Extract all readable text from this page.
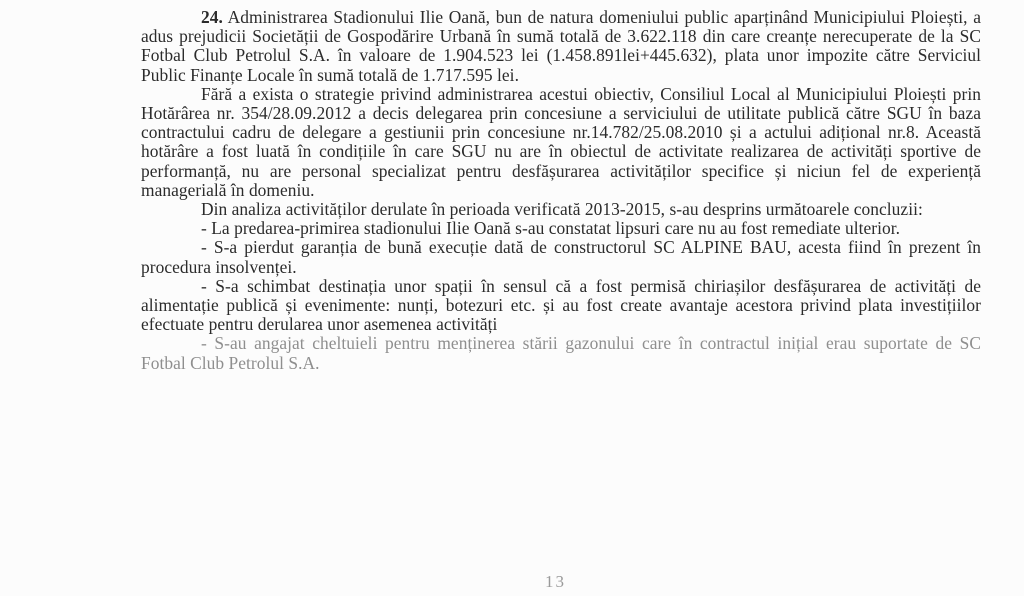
24. Administrarea Stadionului Ilie Oană, bun de natura domeniului public aparținând Municipiului Ploiești, a adus prejudicii Societății de Gospodărire Urbană în sumă totală de 3.622.118 din care creanțe nerecuperate de la SC Fotbal Club Petrolul S.A. în valoare de 1.904.523 lei (1.458.891lei+445.632), plata unor impozite către Serviciul Public Finanțe Locale în sumă totală de 1.717.595 lei.

Fără a exista o strategie privind administrarea acestui obiectiv, Consiliul Local al Municipiului Ploiești prin Hotărârea nr. 354/28.09.2012 a decis delegarea prin concesiune a serviciului de utilitate publică către SGU în baza contractului cadru de delegare a gestiunii prin concesiune nr.14.782/25.08.2010 și a actului adițional nr.8. Această hotărâre a fost luată în condițiile în care SGU nu are în obiectul de activitate realizarea de activități sportive de performanță, nu are personal specializat pentru desfășurarea activităților specifice și niciun fel de experiență managerială în domeniu.

Din analiza activităților derulate în perioada verificată 2013-2015, s-au desprins următoarele concluzii:

- La predarea-primirea stadionului Ilie Oană s-au constatat lipsuri care nu au fost remediate ulterior.

- S-a pierdut garanția de bună execuție dată de constructorul SC ALPINE BAU, acesta fiind în prezent în procedura insolvenței.

- S-a schimbat destinația unor spații în sensul că a fost permisă chiriașilor desfășurarea de activități de alimentație publică și evenimente: nunți, botezuri etc. și au fost create avantaje acestora privind plata investițiilor efectuate pentru derularea unor asemenea activități

- S-au angajat cheltuieli pentru menținerea stării gazonului care în contractul inițial erau suportate de SC Fotbal Club Petrolul S.A.

13
